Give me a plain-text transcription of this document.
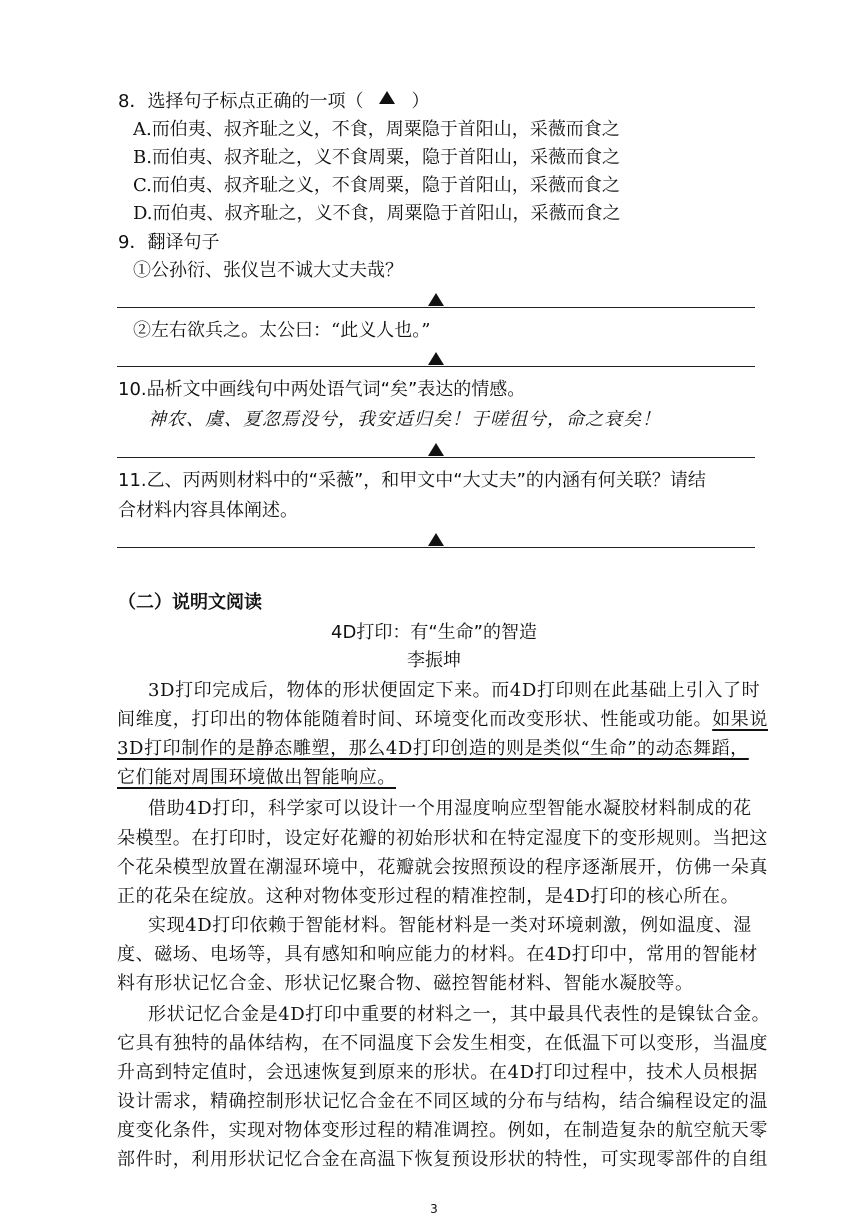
8．选择句子标点正确的一项（	）
A.而伯夷、叔齐耻之义，不食，周粟隐于首阳山，采薇而食之
B.而伯夷、叔齐耻之，义不食周粟，隐于首阳山，采薇而食之
C.而伯夷、叔齐耻之义，不食周粟，隐于首阳山，采薇而食之
D.而伯夷、叔齐耻之，义不食，周粟隐于首阳山，采薇而食之
9．翻译句子
①公孙衍、张仪岂不诚大丈夫哉？
②左右欲兵之。太公曰：“此义人也。”
10.品析文中画线句中两处语气词“矣”表达的情感。
神农、虞、夏忽焉没兮，我安适归矣！于嗟徂兮，命之衰矣！
11.乙、丙两则材料中的“采薇”，和甲文中“大丈夫”的内涵有何关联？请结
合材料内容具体阐述。
（二）说明文阅读
4D打印：有“生命”的智造
李振坤
3D打印完成后，物体的形状便固定下来。而4D打印则在此基础上引入了时
间维度，打印出的物体能随着时间、环境变化而改变形状、性能或功能。如果说
3D打印制作的是静态雕塑，那么4D打印创造的则是类似“生命”的动态舞蹈，
它们能对周围环境做出智能响应。
借助4D打印，科学家可以设计一个用湿度响应型智能水凝胶材料制成的花
朵模型。在打印时，设定好花瓣的初始形状和在特定湿度下的变形规则。当把这
个花朵模型放置在潮湿环境中，花瓣就会按照预设的程序逐渐展开，仿佛一朵真
正的花朵在绽放。这种对物体变形过程的精准控制，是4D打印的核心所在。
实现4D打印依赖于智能材料。智能材料是一类对环境刺激，例如温度、湿
度、磁场、电场等，具有感知和响应能力的材料。在4D打印中，常用的智能材
料有形状记忆合金、形状记忆聚合物、磁控智能材料、智能水凝胶等。
形状记忆合金是4D打印中重要的材料之一，其中最具代表性的是镍钛合金。
它具有独特的晶体结构，在不同温度下会发生相变，在低温下可以变形，当温度
升高到特定值时，会迅速恢复到原来的形状。在4D打印过程中，技术人员根据
设计需求，精确控制形状记忆合金在不同区域的分布与结构，结合编程设定的温
度变化条件，实现对物体变形过程的精准调控。例如，在制造复杂的航空航天零
部件时，利用形状记忆合金在高温下恢复预设形状的特性，可实现零部件的自组
3
